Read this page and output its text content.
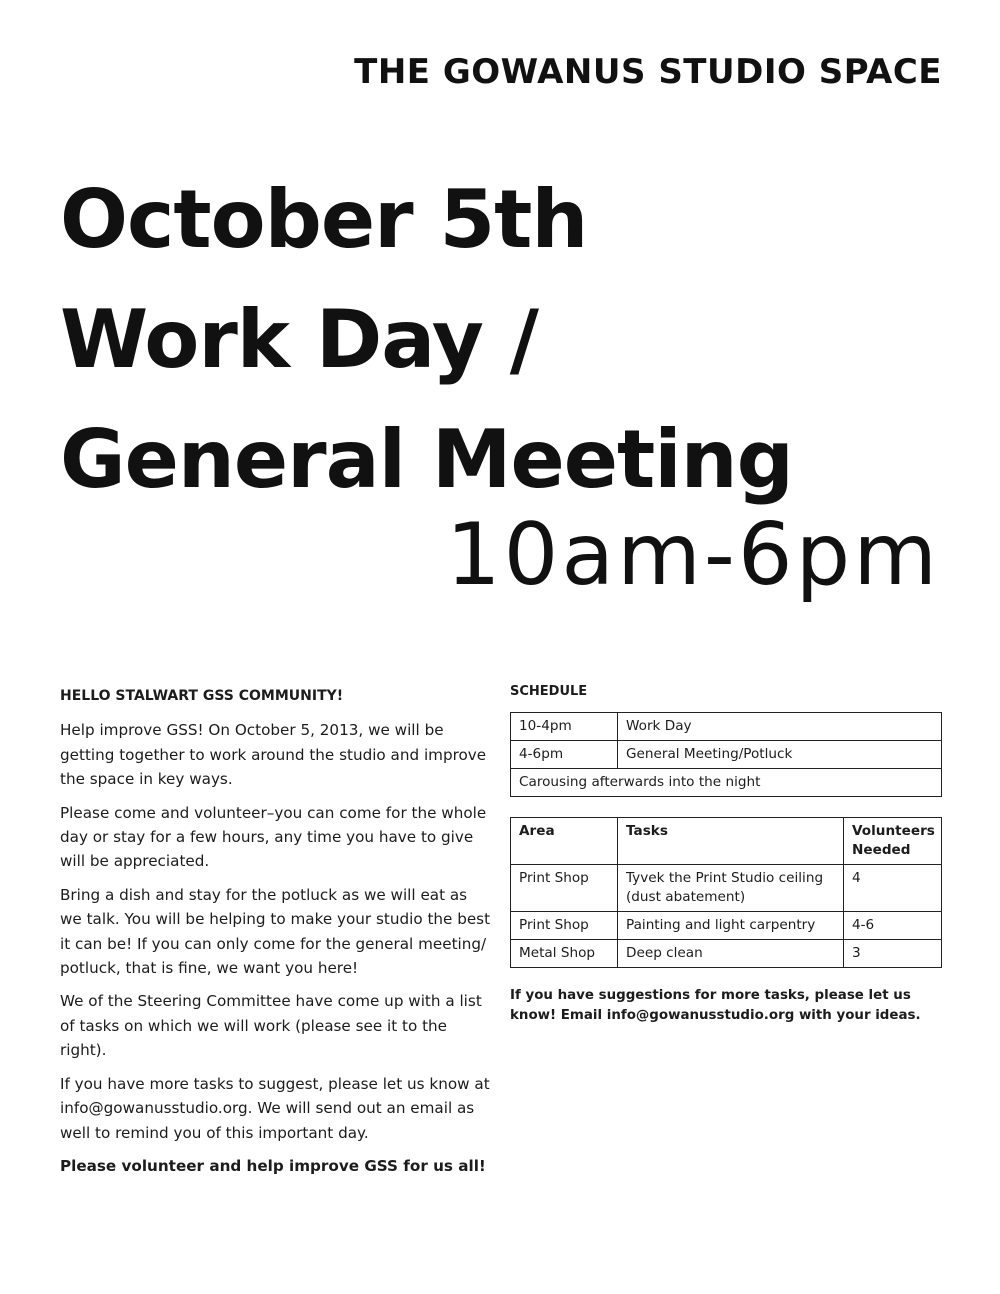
THE GOWANUS STUDIO SPACE
October 5th
Work Day /
General Meeting
10am-6pm

HELLO STALWART GSS COMMUNITY!

Help improve GSS! On October 5, 2013, we will be getting together to work around the studio and improve the space in key ways.

Please come and volunteer–you can come for the whole day or stay for a few hours, any time you have to give will be appreciated.

Bring a dish and stay for the potluck as we will eat as we talk. You will be helping to make your studio the best it can be! If you can only come for the general meeting/ potluck, that is fine, we want you here!

We of the Steering Committee have come up with a list of tasks on which we will work (please see it to the right).

If you have more tasks to suggest, please let us know at info@gowanusstudio.org. We will send out an email as well to remind you of this important day.

Please volunteer and help improve GSS for us all!

SCHEDULE
10-4pm	Work Day
4-6pm	General Meeting/Potluck
Carousing afterwards into the night	
Area	Tasks	Volunteers Needed
Print Shop	Tyvek the Print Studio ceiling (dust abatement)	4
Print Shop	Painting and light carpentry	4-6
Metal Shop	Deep clean	3
If you have suggestions for more tasks, please let us know! Email info@gowanusstudio.org with your ideas.
